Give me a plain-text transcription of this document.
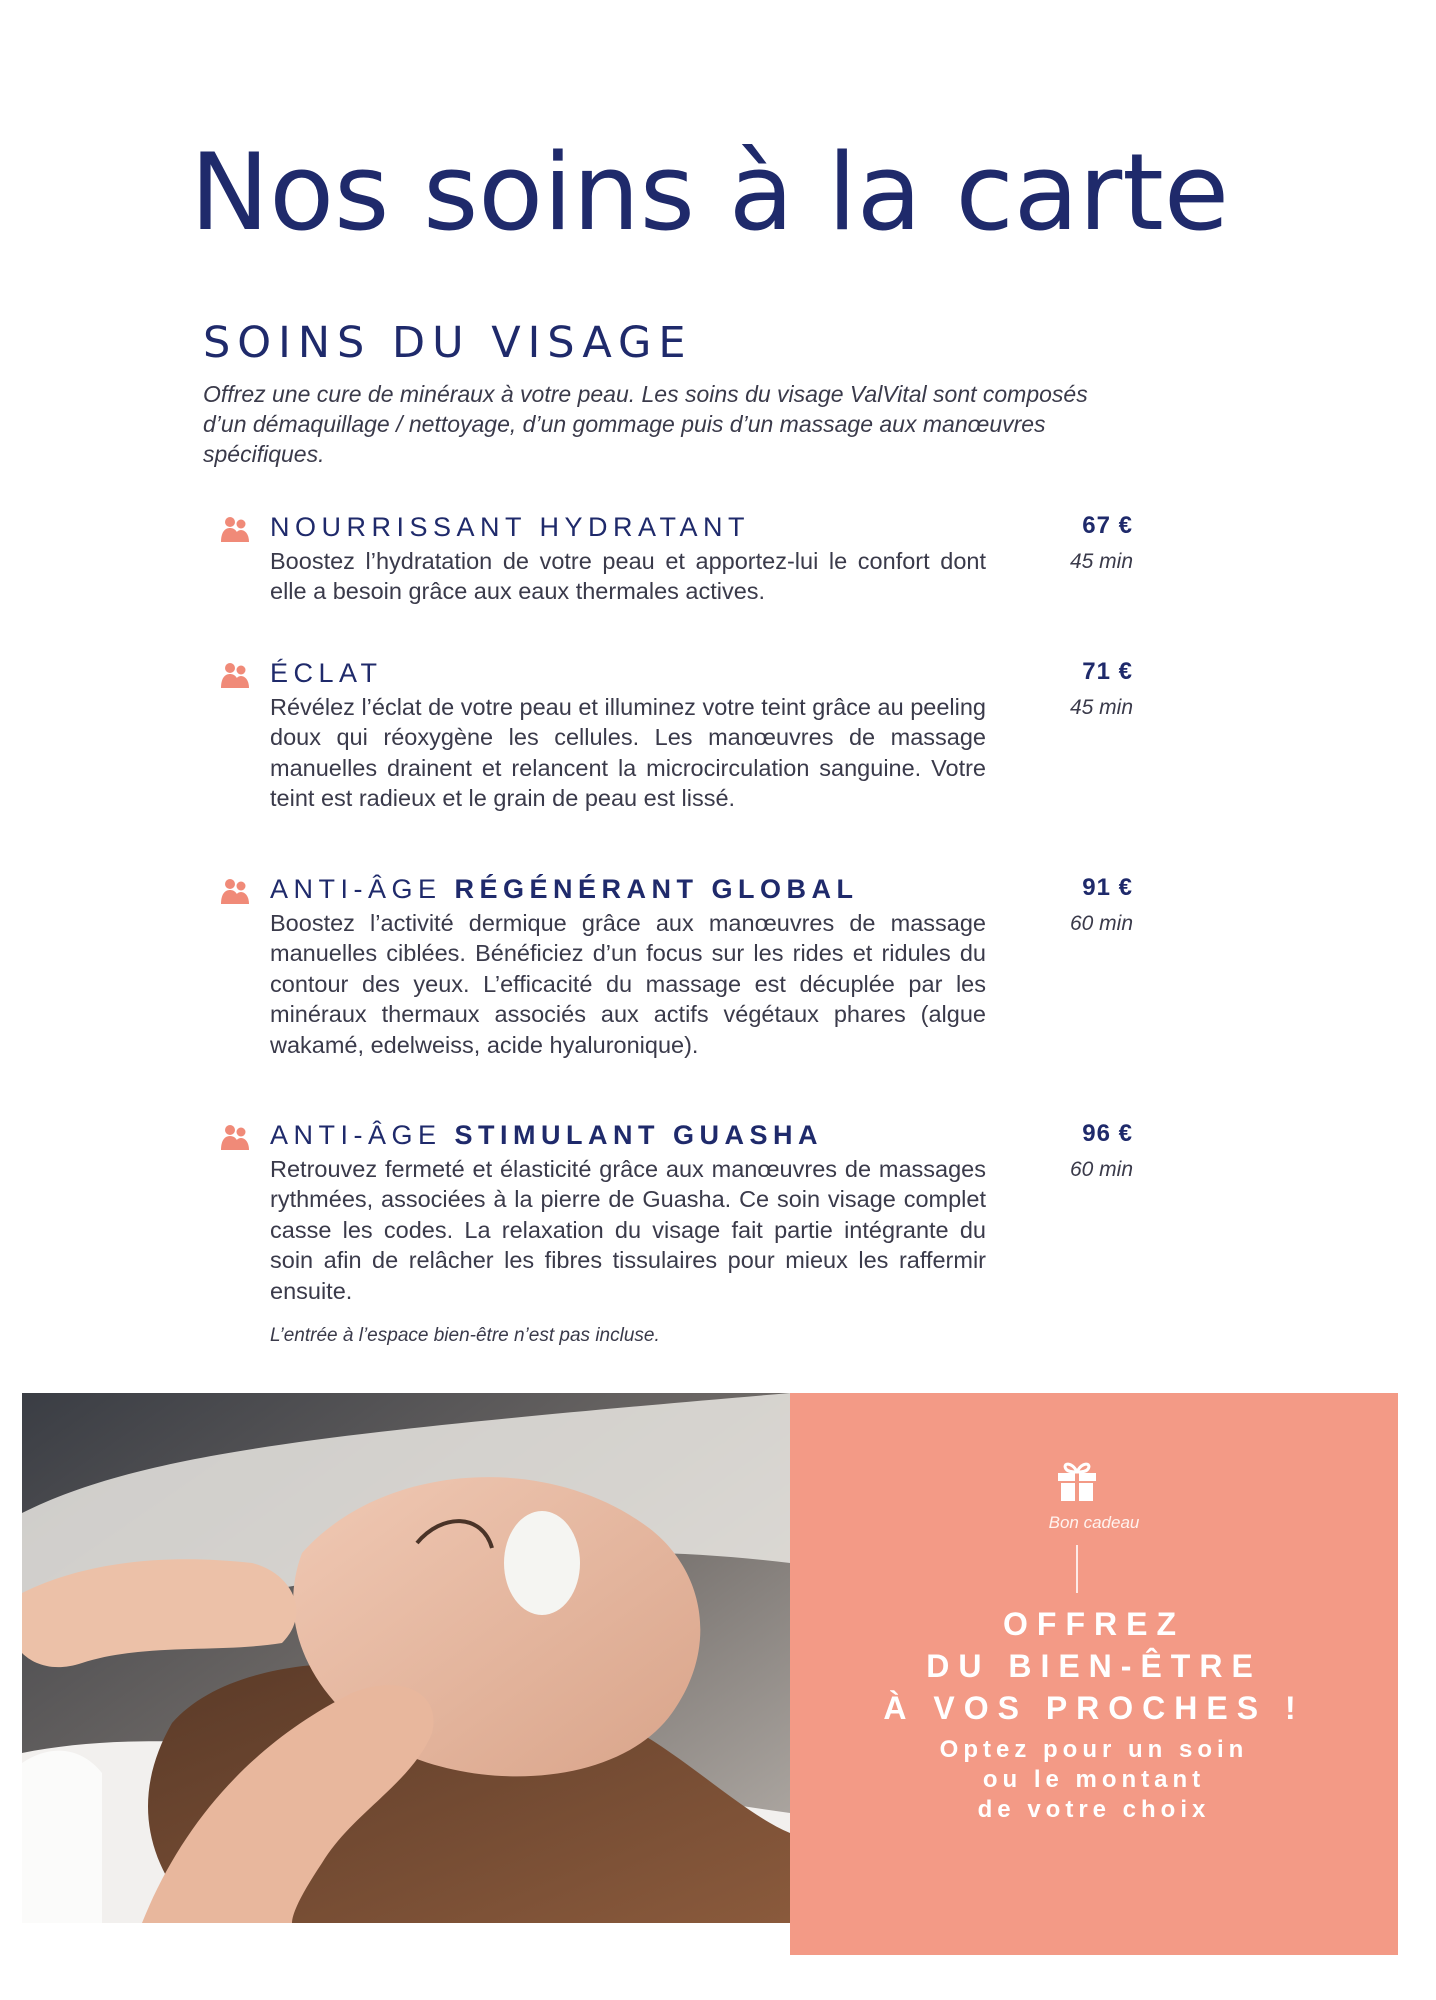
Nos soins à la carte
SOINS DU VISAGE

Offrez une cure de minéraux à votre peau. Les soins du visage ValVital sont composés d’un démaquillage / nettoyage, d’un gommage puis d’un massage aux manœuvres spécifiques.

NOURRISSANT HYDRATANT

Boostez l’hydratation de votre peau et apportez-lui le confort dont elle a besoin grâce aux eaux thermales actives.

67 €
45 min
ÉCLAT

Révélez l’éclat de votre peau et illuminez votre teint grâce au peeling doux qui réoxygène les cellules. Les manœuvres de massage manuelles drainent et relancent la microcirculation sanguine. Votre teint est radieux et le grain de peau est lissé.

71 €
45 min
ANTI-ÂGE RÉGÉNÉRANT GLOBAL

Boostez l’activité dermique grâce aux manœuvres de massage manuelles ciblées. Bénéficiez d’un focus sur les rides et ridules du contour des yeux. L’efficacité du massage est décuplée par les minéraux thermaux associés aux actifs végétaux phares (algue wakamé, edelweiss, acide hyaluronique).

91 €
60 min
ANTI-ÂGE STIMULANT GUASHA

Retrouvez fermeté et élasticité grâce aux manœuvres de massages rythmées, associées à la pierre de Guasha. Ce soin visage complet casse les codes. La relaxation du visage fait partie intégrante du soin afin de relâcher les fibres tissulaires pour mieux les raffermir ensuite.

96 €
60 min

L’entrée à l’espace bien-être n’est pas incluse.

Bon cadeau

OFFREZ
DU BIEN-ÊTRE
À VOS PROCHES !

Optez pour un soin
ou le montant
de votre choix
